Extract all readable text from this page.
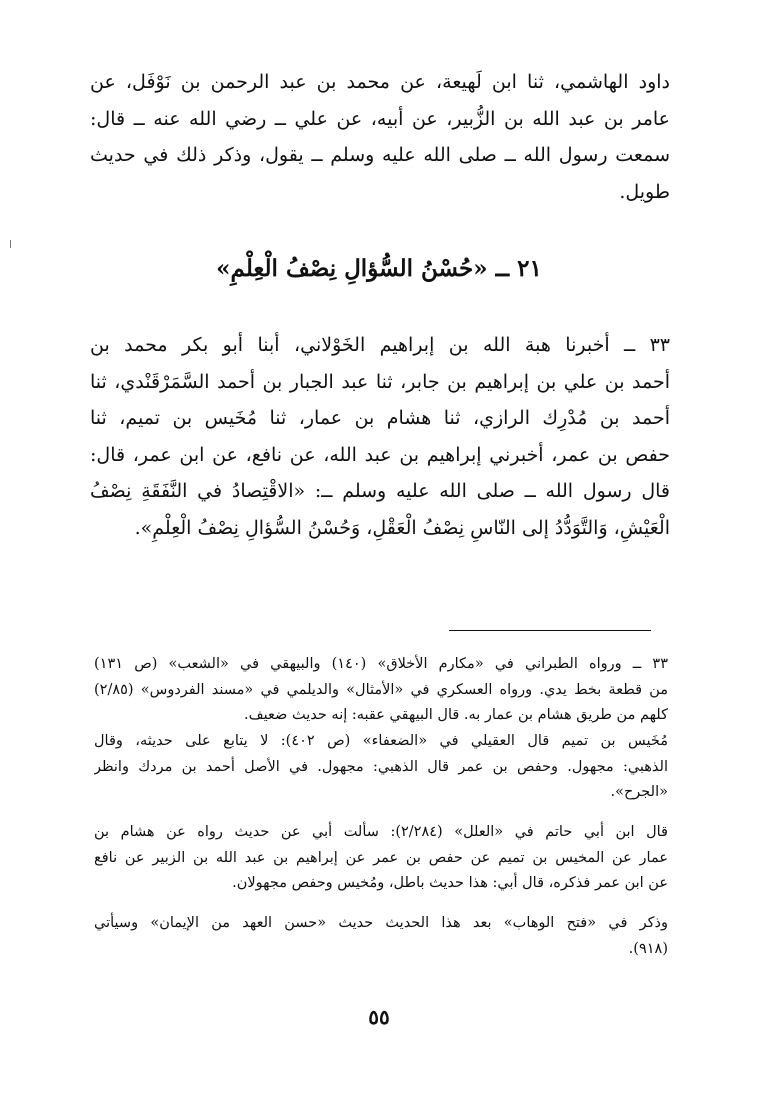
داود الهاشمي، ثنا ابن لَهيعة، عن محمد بن عبد الرحمن بن نَوْفَل، عن
عامر بن عبد الله بن الزُّبير، عن أبيه، عن علي ــ رضي الله عنه ــ قال:
سمعت رسول الله ــ صلى الله عليه وسلم ــ يقول، وذكر ذلك في حديث
طويل.
٢١ ــ «حُسْنُ السُّؤالِ نِصْفُ الْعِلْمِ»
٣٣ ــ أخبرنا هبة الله بن إبراهيم الخَوْلاني، أبنا أبو بكر محمد بن
أحمد بن علي بن إبراهيم بن جابر، ثنا عبد الجبار بن أحمد السَّمَرْقَنْدي، ثنا
أحمد بن مُدْرِك الرازي، ثنا هشام بن عمار، ثنا مُخَيس بن تميم، ثنا
حفص بن عمر، أخبرني إبراهيم بن عبد الله، عن نافع، عن ابن عمر، قال:
قال رسول الله ــ صلى الله عليه وسلم ــ: «الاقْتِصادُ في النَّفَقَةِ نِصْفُ
الْعَيْشِ، وَالتَّوَدُّدُ إلى النّاسِ نِصْفُ الْعَقْلِ، وَحُسْنُ السُّؤالِ نِصْفُ الْعِلْمِ».
٣٣ ــ ورواه الطبراني في «مكارم الأخلاق» (١٤٠) والبيهقي في «الشعب» (ص ١٣١)
من قطعة بخط يدي. ورواه العسكري في «الأمثال» والديلمي في «مسند الفردوس» (٢/٨٥)
كلهم من طريق هشام بن عمار به. قال البيهقي عقبه: إنه حديث ضعيف.
مُخَيس بن تميم قال العقيلي في «الضعفاء» (ص ٤٠٢): لا يتابع على حديثه، وقال
الذهبي: مجهول. وحفص بن عمر قال الذهبي: مجهول. في الأصل أحمد بن مردك وانظر
«الجرح».
قال ابن أبي حاتم في «العلل» (٢/٢٨٤): سألت أبي عن حديث رواه عن هشام بن
عمار عن المخيس بن تميم عن حفص بن عمر عن إبراهيم بن عبد الله بن الزبير عن نافع
عن ابن عمر فذكره، قال أبي: هذا حديث باطل، ومُخيس وحفص مجهولان.
وذكر في «فتح الوهاب» بعد هذا الحديث حديث «حسن العهد من الإيمان» وسيأتي
(٩١٨).
٥٥
